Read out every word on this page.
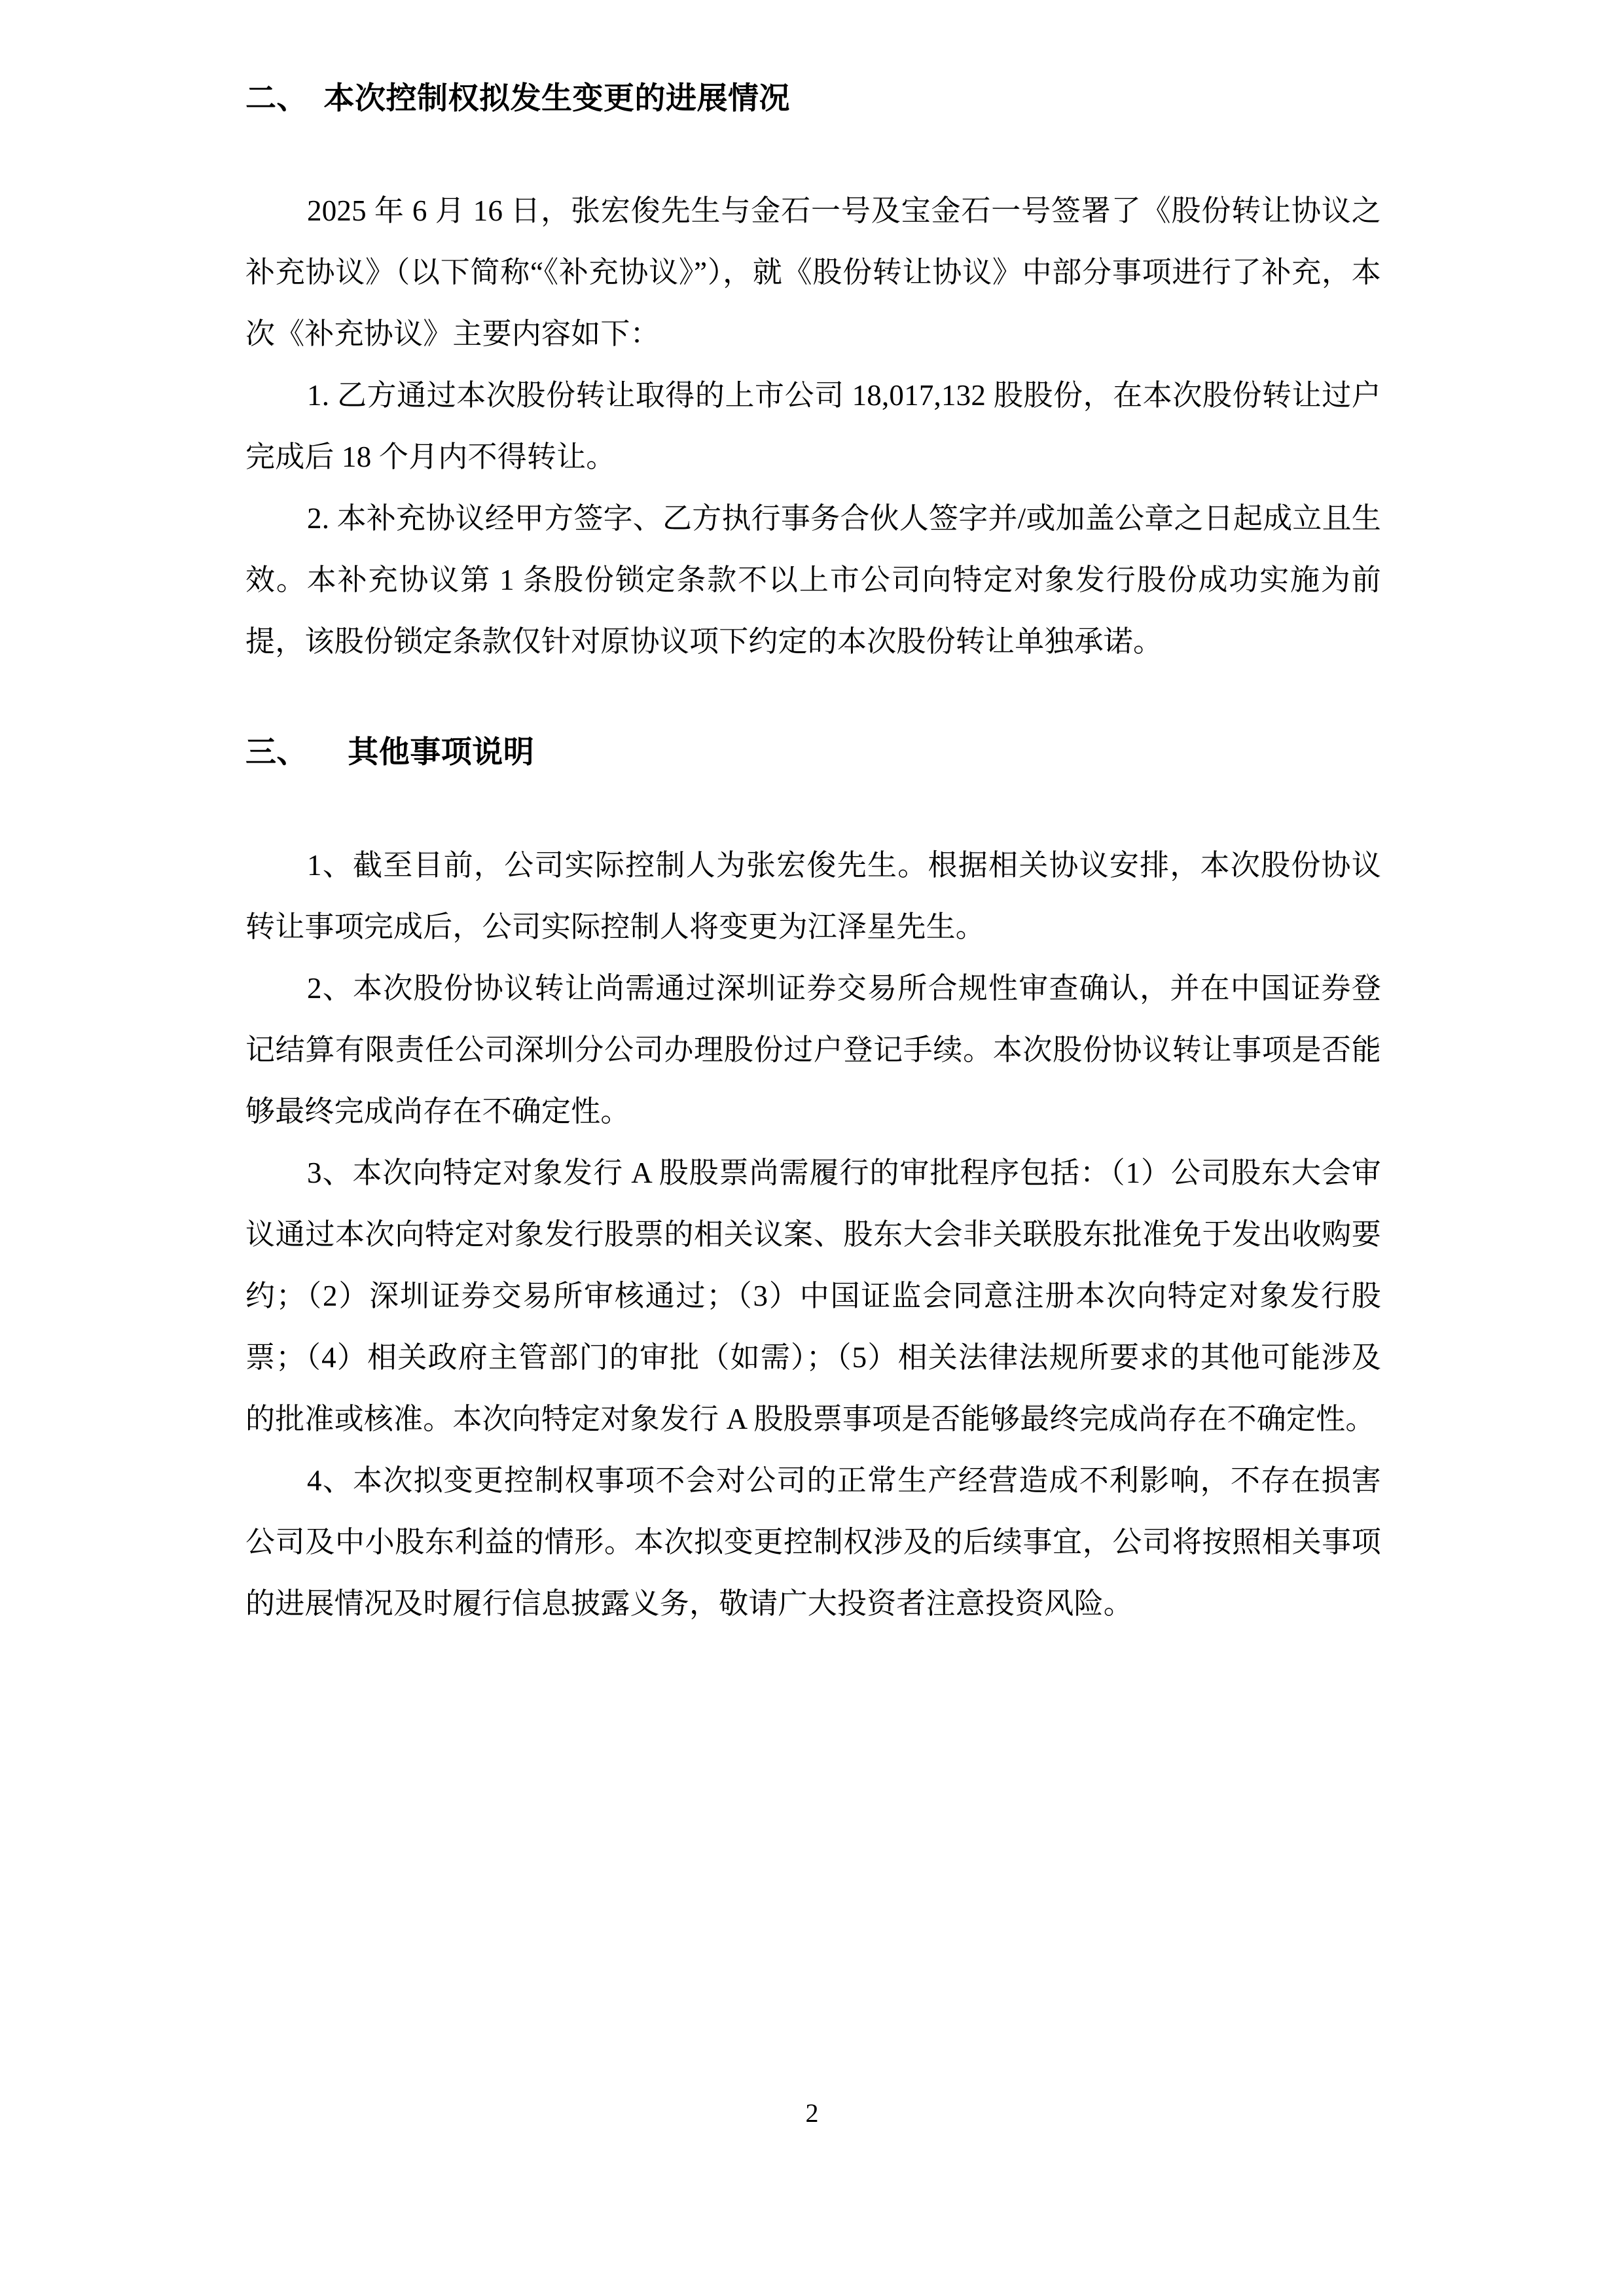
二、 本次控制权拟发生变更的进展情况

2025 年 6 月 16 日，张宏俊先生与金石一号及宝金石一号签署了《股份转让协议之补充协议》（以下简称“《补充协议》”），就《股份转让协议》中部分事项进行了补充，本次《补充协议》主要内容如下：

1. 乙方通过本次股份转让取得的上市公司 18,017,132 股股份，在本次股份转让过户完成后 18 个月内不得转让。

2. 本补充协议经甲方签字、乙方执行事务合伙人签字并/或加盖公章之日起成立且生效。本补充协议第 1 条股份锁定条款不以上市公司向特定对象发行股份成功实施为前提，该股份锁定条款仅针对原协议项下约定的本次股份转让单独承诺。

三、 其他事项说明

1、截至目前，公司实际控制人为张宏俊先生。根据相关协议安排，本次股份协议转让事项完成后，公司实际控制人将变更为江泽星先生。

2、本次股份协议转让尚需通过深圳证券交易所合规性审查确认，并在中国证券登记结算有限责任公司深圳分公司办理股份过户登记手续。本次股份协议转让事项是否能够最终完成尚存在不确定性。

3、本次向特定对象发行 A 股股票尚需履行的审批程序包括：（1）公司股东大会审议通过本次向特定对象发行股票的相关议案、股东大会非关联股东批准免于发出收购要约；（2）深圳证券交易所审核通过；（3）中国证监会同意注册本次向特定对象发行股票；（4）相关政府主管部门的审批（如需）；（5）相关法律法规所要求的其他可能涉及的批准或核准。本次向特定对象发行 A 股股票事项是否能够最终完成尚存在不确定性。

4、本次拟变更控制权事项不会对公司的正常生产经营造成不利影响，不存在损害公司及中小股东利益的情形。本次拟变更控制权涉及的后续事宜，公司将按照相关事项的进展情况及时履行信息披露义务，敬请广大投资者注意投资风险。

2
